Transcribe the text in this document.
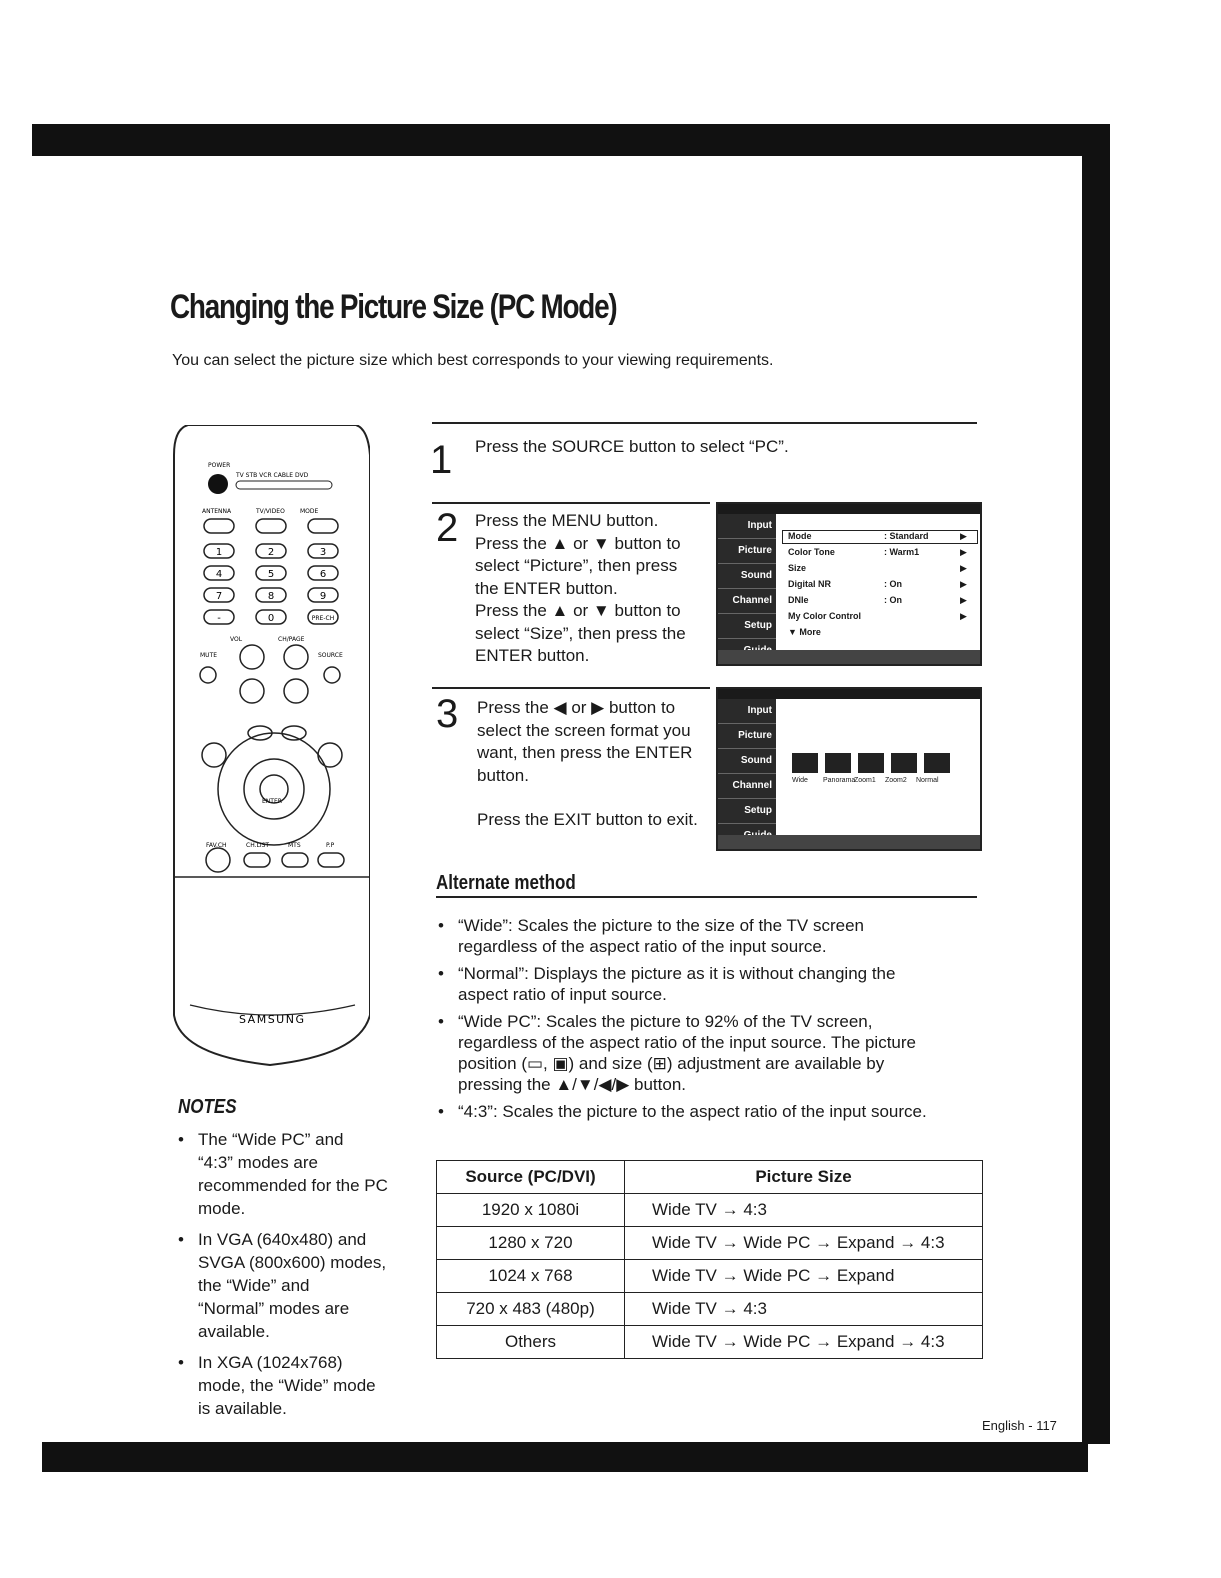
Changing the Picture Size (PC Mode)
You can select the picture size which best corresponds to your viewing requirements.
POWER
TV STB VCR CABLE DVD
ANTENNA	TV/VIDEO	MODE
1	2	3
4	5	6
7	8	9
-	0	PRE-CH
VOL	CH/PAGE
MUTE	SOURCE
ENTER
FAV.CH	CH.LIST	MTS	P.P
SAMSUNG
1 Press the SOURCE button to select “PC”.
2 Press the MENU button.
Press the ▲ or ▼ button to
select “Picture”, then press
the ENTER button.
Press the ▲ or ▼ button to
select “Size”, then press the
ENTER button.
Input
Picture
Sound
Channel
Setup
Mode	: Standard	▶
Color Tone	: Warm1	▶
Size	▶
Digital NR	: On	▶
DNIe	: On	▶
My Color Control	▶
▼ More
3 Press the ◀ or ▶ button to
select the screen format you
want, then press the ENTER
button.
Press the EXIT button to exit.
Input
Picture
Sound
Channel
Setup
Wide PanoramaZoom1 Zoom2 Normal
Alternate method
• “Wide”: Scales the picture to the size of the TV screen
regardless of the aspect ratio of the input source.
• “Normal”: Displays the picture as it is without changing the
aspect ratio of input source.
• “Wide PC”: Scales the picture to 92% of the TV screen,
regardless of the aspect ratio of the input source. The picture
position (▭, ▣) and size (⊞) adjustment are available by
pressing the ▲/▼/◀/▶ button.
• “4:3”: Scales the picture to the aspect ratio of the input source.
Source (PC/DVI)	Picture Size
1920 x 1080i	Wide TV → 4:3
1280 x 720	Wide TV → Wide PC → Expand → 4:3
1024 x 768	Wide TV → Wide PC → Expand
720 x 483 (480p)	Wide TV → 4:3
Others	Wide TV → Wide PC → Expand → 4:3
NOTES
• The “Wide PC” and
“4:3” modes are
recommended for the PC
mode.
• In VGA (640x480) and
SVGA (800x600) modes,
the “Wide” and
“Normal” modes are
available.
• In XGA (1024x768)
mode, the “Wide” mode
is available.
English - 117
